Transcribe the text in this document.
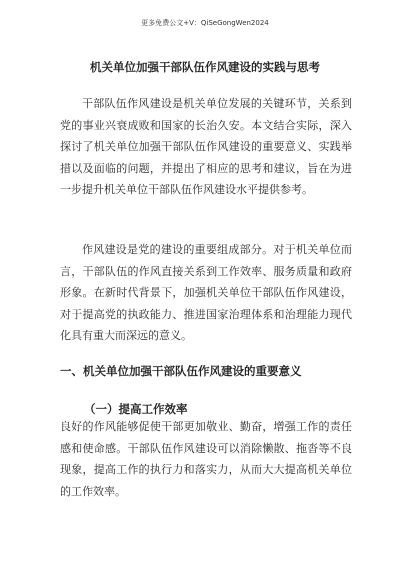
更多免费公文+V：QiSeGongWen2024
机关单位加强干部队伍作风建设的实践与思考

干部队伍作风建设是机关单位发展的关键环节，关系到党的事业兴衰成败和国家的长治久安。本文结合实际，深入探讨了机关单位加强干部队伍作风建设的重要意义、实践举措以及面临的问题，并提出了相应的思考和建议，旨在为进一步提升机关单位干部队伍作风建设水平提供参考。

作风建设是党的建设的重要组成部分。对于机关单位而言，干部队伍的作风直接关系到工作效率、服务质量和政府形象。在新时代背景下，加强机关单位干部队伍作风建设，对于提高党的执政能力、推进国家治理体系和治理能力现代化具有重大而深远的意义。

一、机关单位加强干部队伍作风建设的重要意义
（一）提高工作效率

良好的作风能够促使干部更加敬业、勤奋，增强工作的责任感和使命感。干部队伍作风建设可以消除懒散、拖沓等不良现象，提高工作的执行力和落实力，从而大大提高机关单位的工作效率。
